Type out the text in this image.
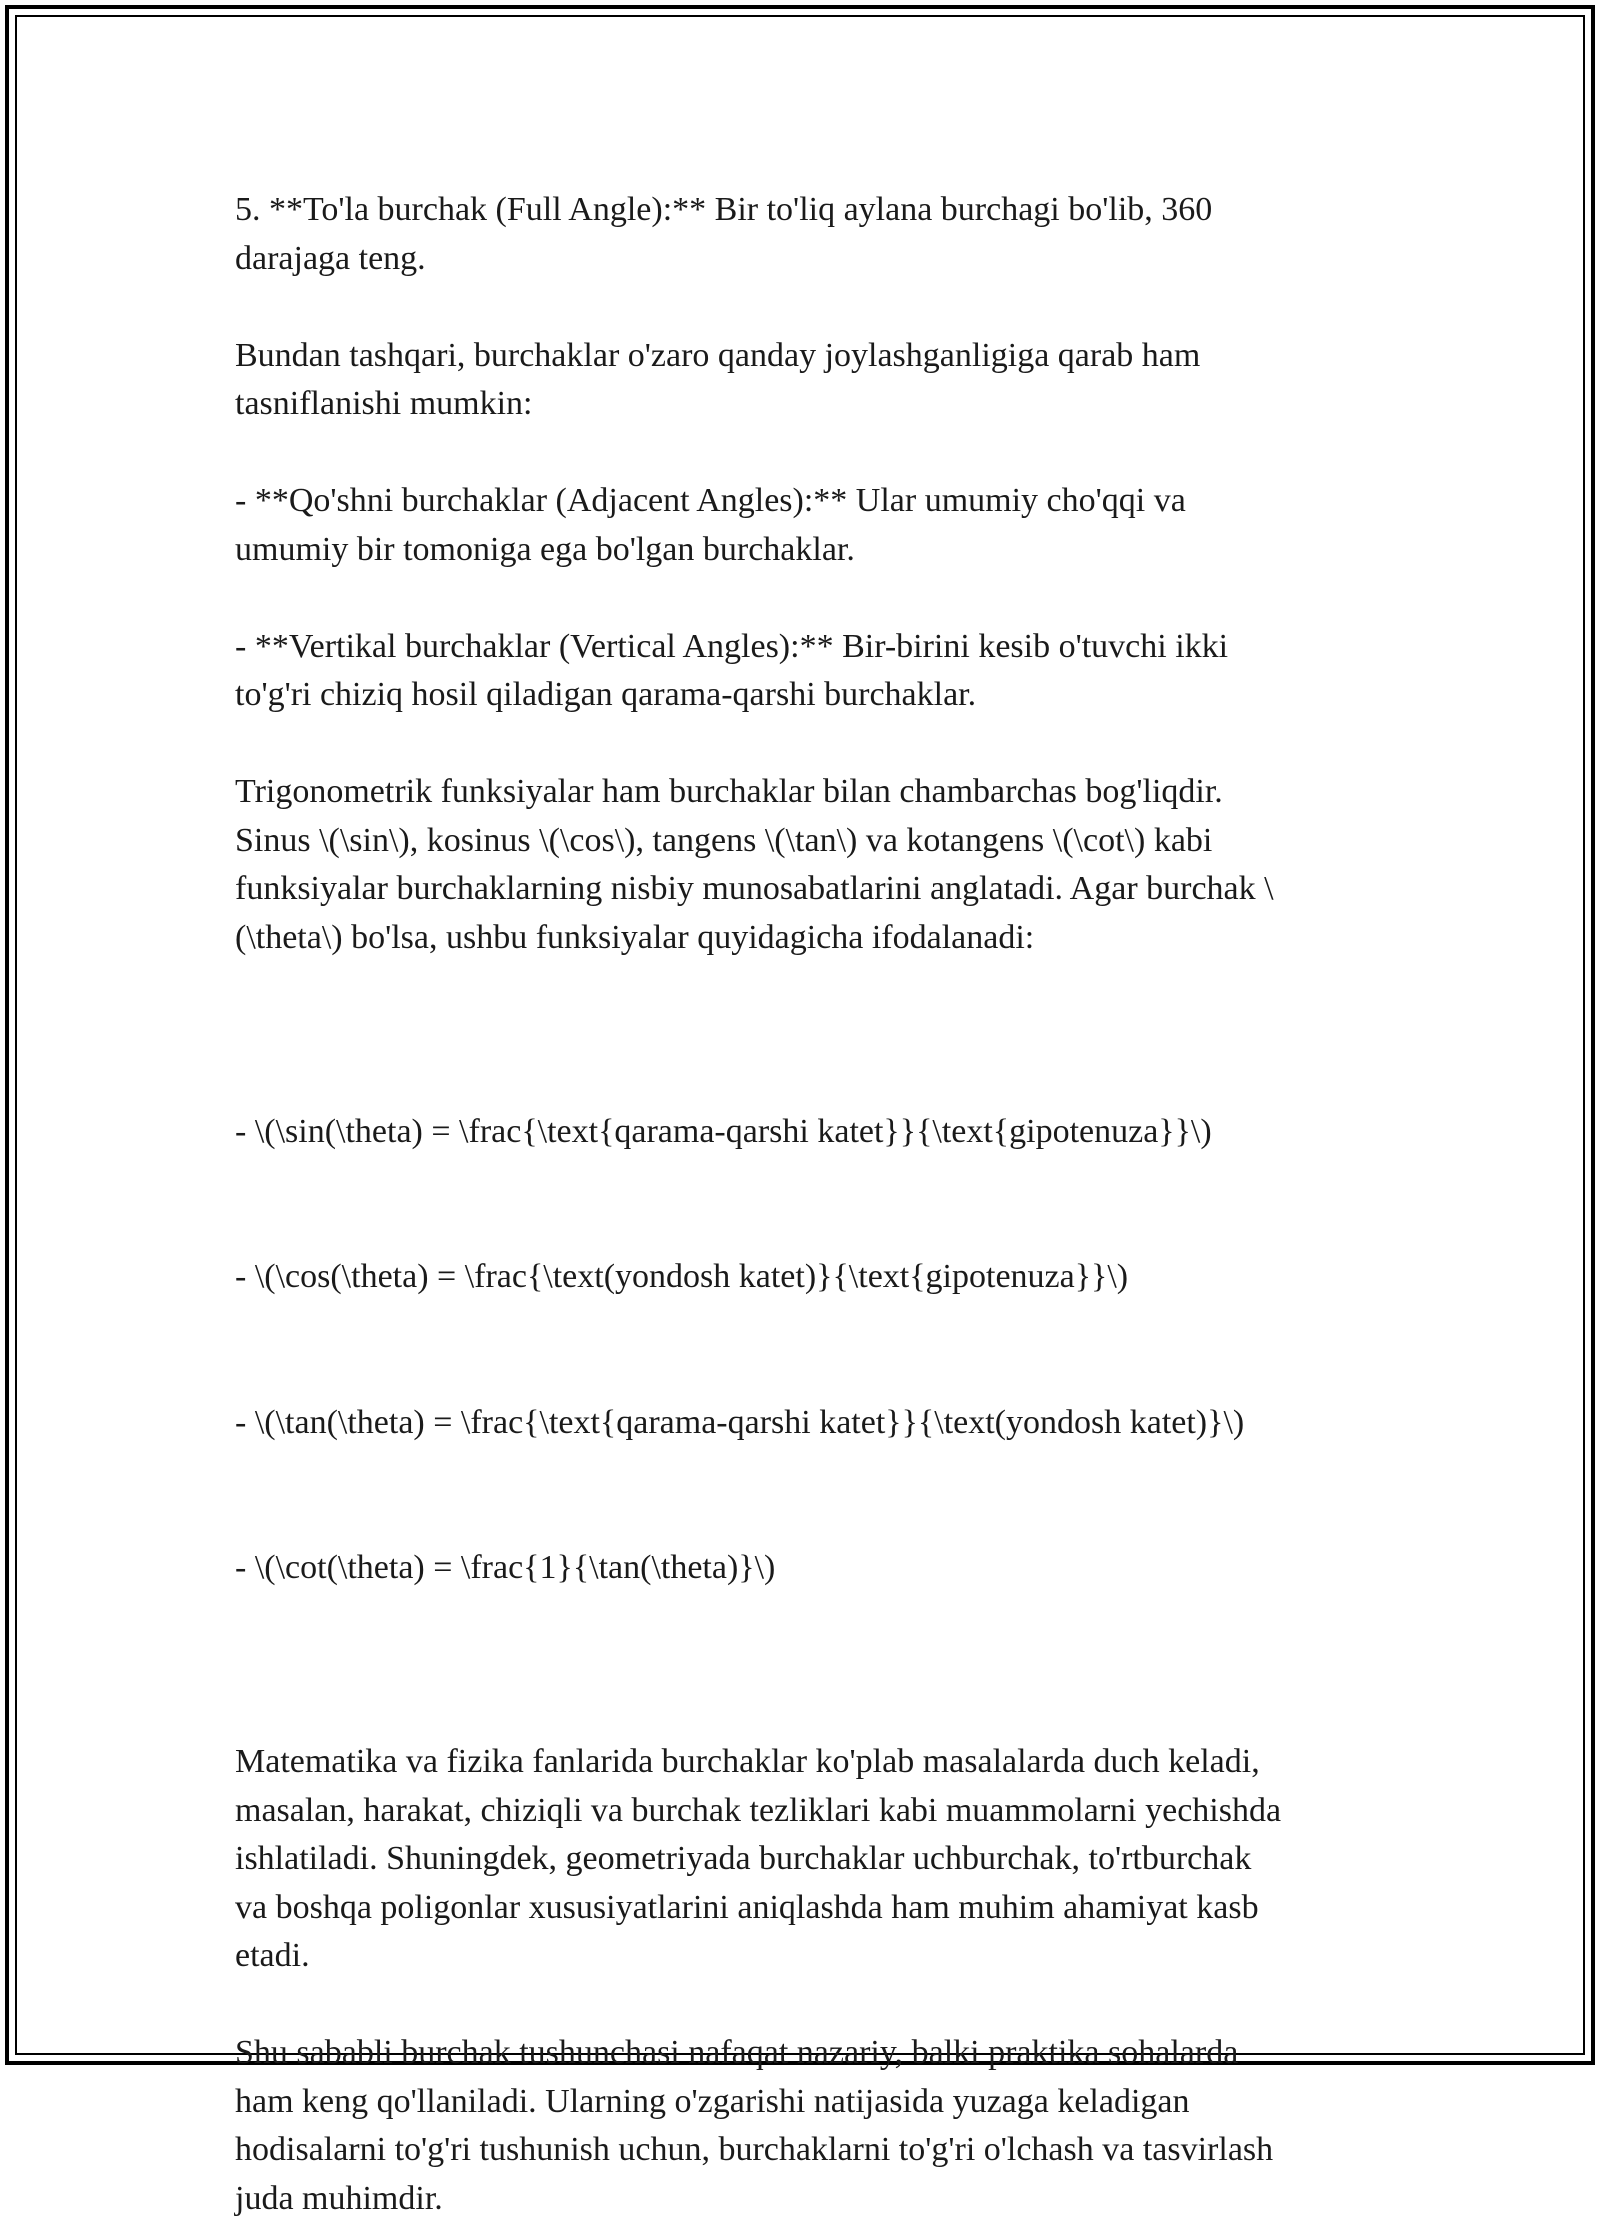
5. **To'la burchak (Full Angle):** Bir to'liq aylana burchagi bo'lib, 360
darajaga teng.

Bundan tashqari, burchaklar o'zaro qanday joylashganligiga qarab ham
tasniflanishi mumkin:

- **Qo'shni burchaklar (Adjacent Angles):** Ular umumiy cho'qqi va
umumiy bir tomoniga ega bo'lgan burchaklar.

- **Vertikal burchaklar (Vertical Angles):** Bir-birini kesib o'tuvchi ikki
to'g'ri chiziq hosil qiladigan qarama-qarshi burchaklar.

Trigonometrik funksiyalar ham burchaklar bilan chambarchas bog'liqdir.
Sinus \(\sin\), kosinus \(\cos\), tangens \(\tan\) va kotangens \(\cot\) kabi
funksiyalar burchaklarning nisbiy munosabatlarini anglatadi. Agar burchak \
(\theta\) bo'lsa, ushbu funksiyalar quyidagicha ifodalanadi:

- \(\sin(\theta) = \frac{\text{qarama-qarshi katet}}{\text{gipotenuza}}\)

- \(\cos(\theta) = \frac{\text(yondosh katet)}{\text{gipotenuza}}\)

- \(\tan(\theta) = \frac{\text{qarama-qarshi katet}}{\text(yondosh katet)}\)

- \(\cot(\theta) = \frac{1}{\tan(\theta)}\)

Matematika va fizika fanlarida burchaklar ko'plab masalalarda duch keladi,
masalan, harakat, chiziqli va burchak tezliklari kabi muammolarni yechishda
ishlatiladi. Shuningdek, geometriyada burchaklar uchburchak, to'rtburchak
va boshqa poligonlar xususiyatlarini aniqlashda ham muhim ahamiyat kasb
etadi.

Shu sababli burchak tushunchasi nafaqat nazariy, balki praktika sohalarda
ham keng qo'llaniladi. Ularning o'zgarishi natijasida yuzaga keladigan
hodisalarni to'g'ri tushunish uchun, burchaklarni to'g'ri o'lchash va tasvirlash
juda muhimdir.
